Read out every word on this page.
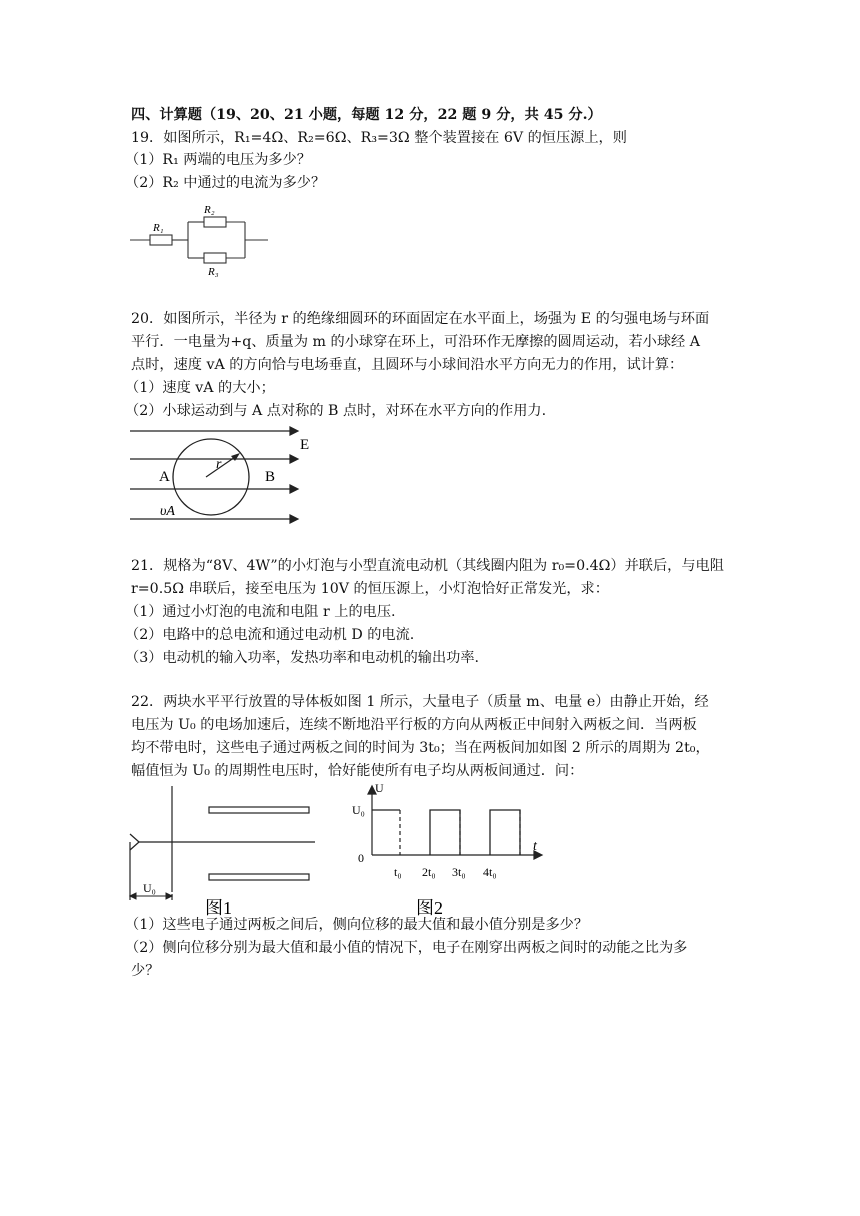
四、计算题（19、20、21 小题，每题 12 分，22 题 9 分，共 45 分.）
19．如图所示，R₁=4Ω、R₂=6Ω、R₃=3Ω 整个装置接在 6V 的恒压源上，则
（1）R₁ 两端的电压为多少？
（2）R₂ 中通过的电流为多少？
R₁
R₂
R₃
20．如图所示，半径为 r 的绝缘细圆环的环面固定在水平面上，场强为 E 的匀强电场与环面
平行．一电量为+q、质量为 m 的小球穿在环上，可沿环作无摩擦的圆周运动，若小球经 A
点时，速度 vA 的方向恰与电场垂直，且圆环与小球间沿水平方向无力的作用，试计算：
（1）速度 vA 的大小；
（2）小球运动到与 A 点对称的 B 点时，对环在水平方向的作用力.
E
r
A	B
υA
21．规格为“8V、4W”的小灯泡与小型直流电动机（其线圈内阻为 r₀=0.4Ω）并联后，与电阻
r=0.5Ω 串联后，接至电压为 10V 的恒压源上，小灯泡恰好正常发光，求：
（1）通过小灯泡的电流和电阻 r 上的电压.
（2）电路中的总电流和通过电动机 D 的电流.
（3）电动机的输入功率，发热功率和电动机的输出功率.
22．两块水平平行放置的导体板如图 1 所示，大量电子（质量 m、电量 e）由静止开始，经
电压为 U₀ 的电场加速后，连续不断地沿平行板的方向从两板正中间射入两板之间．当两板
均不带电时，这些电子通过两板之间的时间为 3t₀；当在两板间加如图 2 所示的周期为 2t₀，
幅值恒为 U₀ 的周期性电压时，恰好能使所有电子均从两板间通过．问：
U₀
图1
U
U₀
0
t
t₀ 2t₀ 3t₀ 4t₀
图2
（1）这些电子通过两板之间后，侧向位移的最大值和最小值分别是多少？
（2）侧向位移分别为最大值和最小值的情况下，电子在刚穿出两板之间时的动能之比为多
少？
